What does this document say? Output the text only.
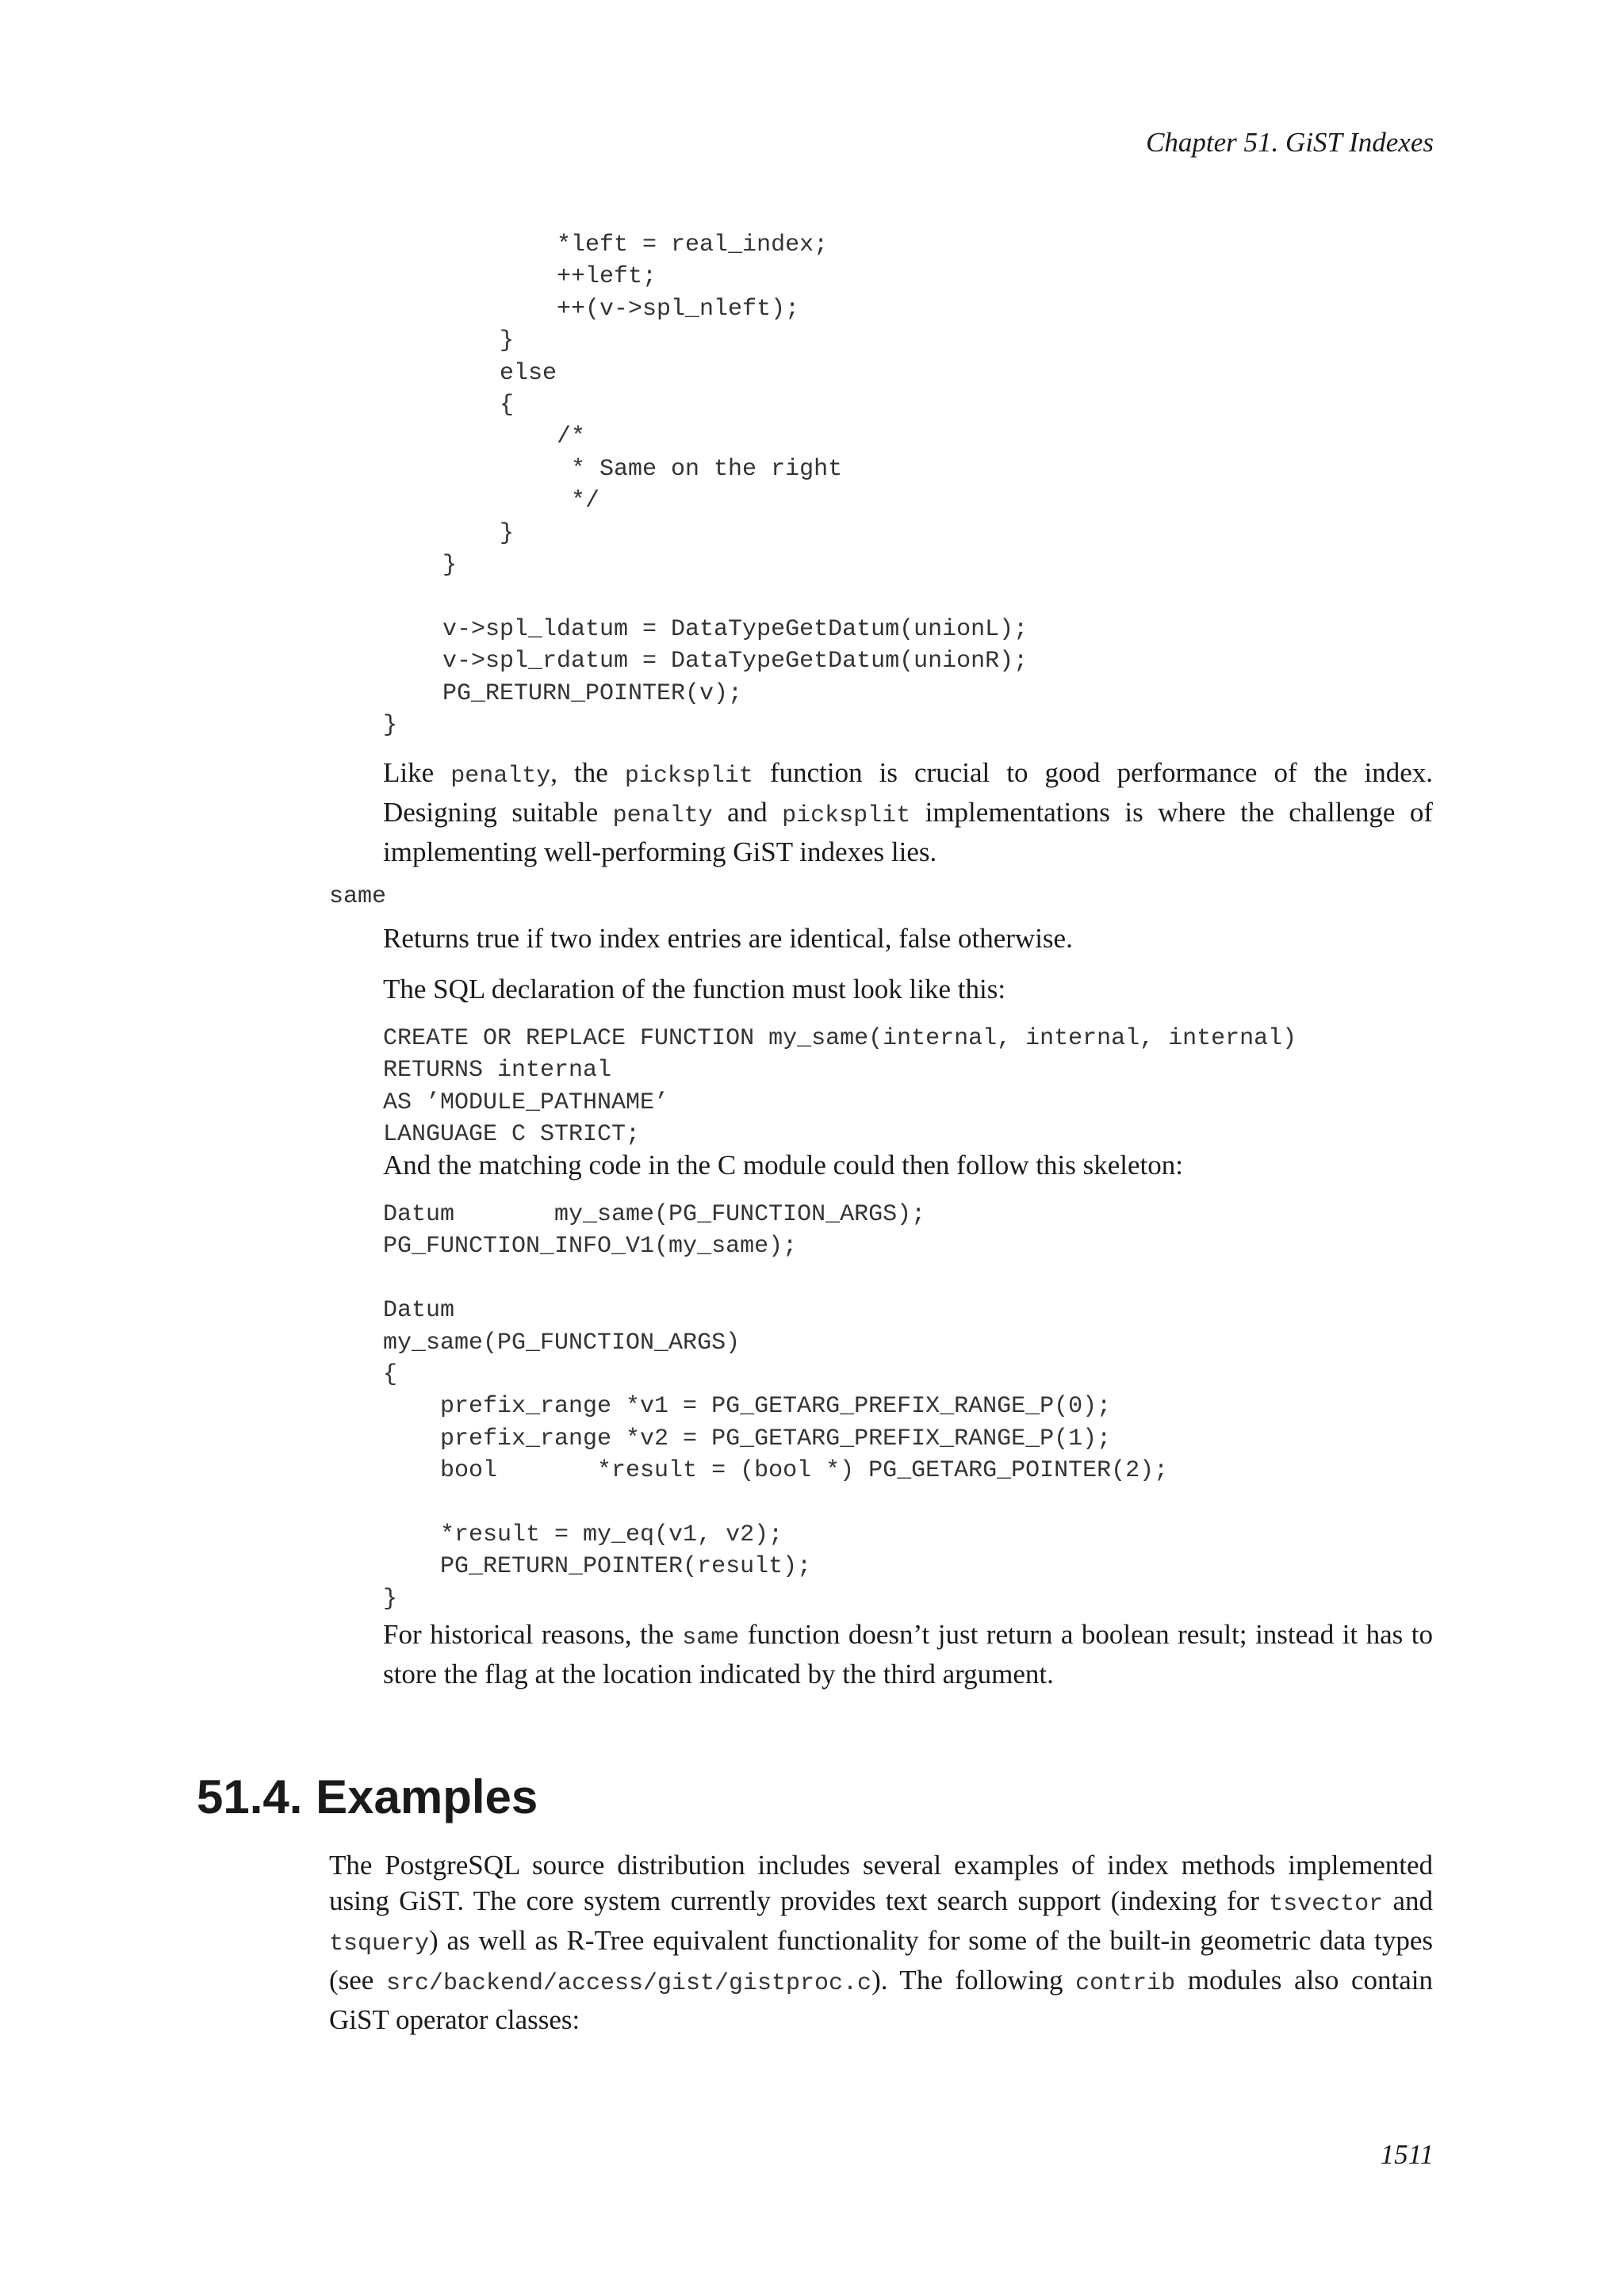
Chapter 51. GiST Indexes
*left = real_index;
++left;
++(v->spl_nleft);
}
else
{
/*
* Same on the right
*/
}
}

v->spl_ldatum = DataTypeGetDatum(unionL);
v->spl_rdatum = DataTypeGetDatum(unionR);
PG_RETURN_POINTER(v);
}
Like penalty, the picksplit function is crucial to good performance of the index. Designing suitable penalty and picksplit implementations is where the challenge of implementing well-performing GiST indexes lies.
same
Returns true if two index entries are identical, false otherwise.
The SQL declaration of the function must look like this:
CREATE OR REPLACE FUNCTION my_same(internal, internal, internal)
RETURNS internal
AS ’MODULE_PATHNAME’
LANGUAGE C STRICT;
And the matching code in the C module could then follow this skeleton:
Datum       my_same(PG_FUNCTION_ARGS);
PG_FUNCTION_INFO_V1(my_same);

Datum
my_same(PG_FUNCTION_ARGS)
{
prefix_range *v1 = PG_GETARG_PREFIX_RANGE_P(0);
prefix_range *v2 = PG_GETARG_PREFIX_RANGE_P(1);
bool       *result = (bool *) PG_GETARG_POINTER(2);

*result = my_eq(v1, v2);
PG_RETURN_POINTER(result);
}
For historical reasons, the same function doesn’t just return a boolean result; instead it has to store the flag at the location indicated by the third argument.
51.4. Examples
The PostgreSQL source distribution includes several examples of index methods implemented using GiST. The core system currently provides text search support (indexing for tsvector and tsquery) as well as R-Tree equivalent functionality for some of the built-in geometric data types (see src/backend/access/gist/gistproc.c). The following contrib modules also contain GiST operator classes:
1511
